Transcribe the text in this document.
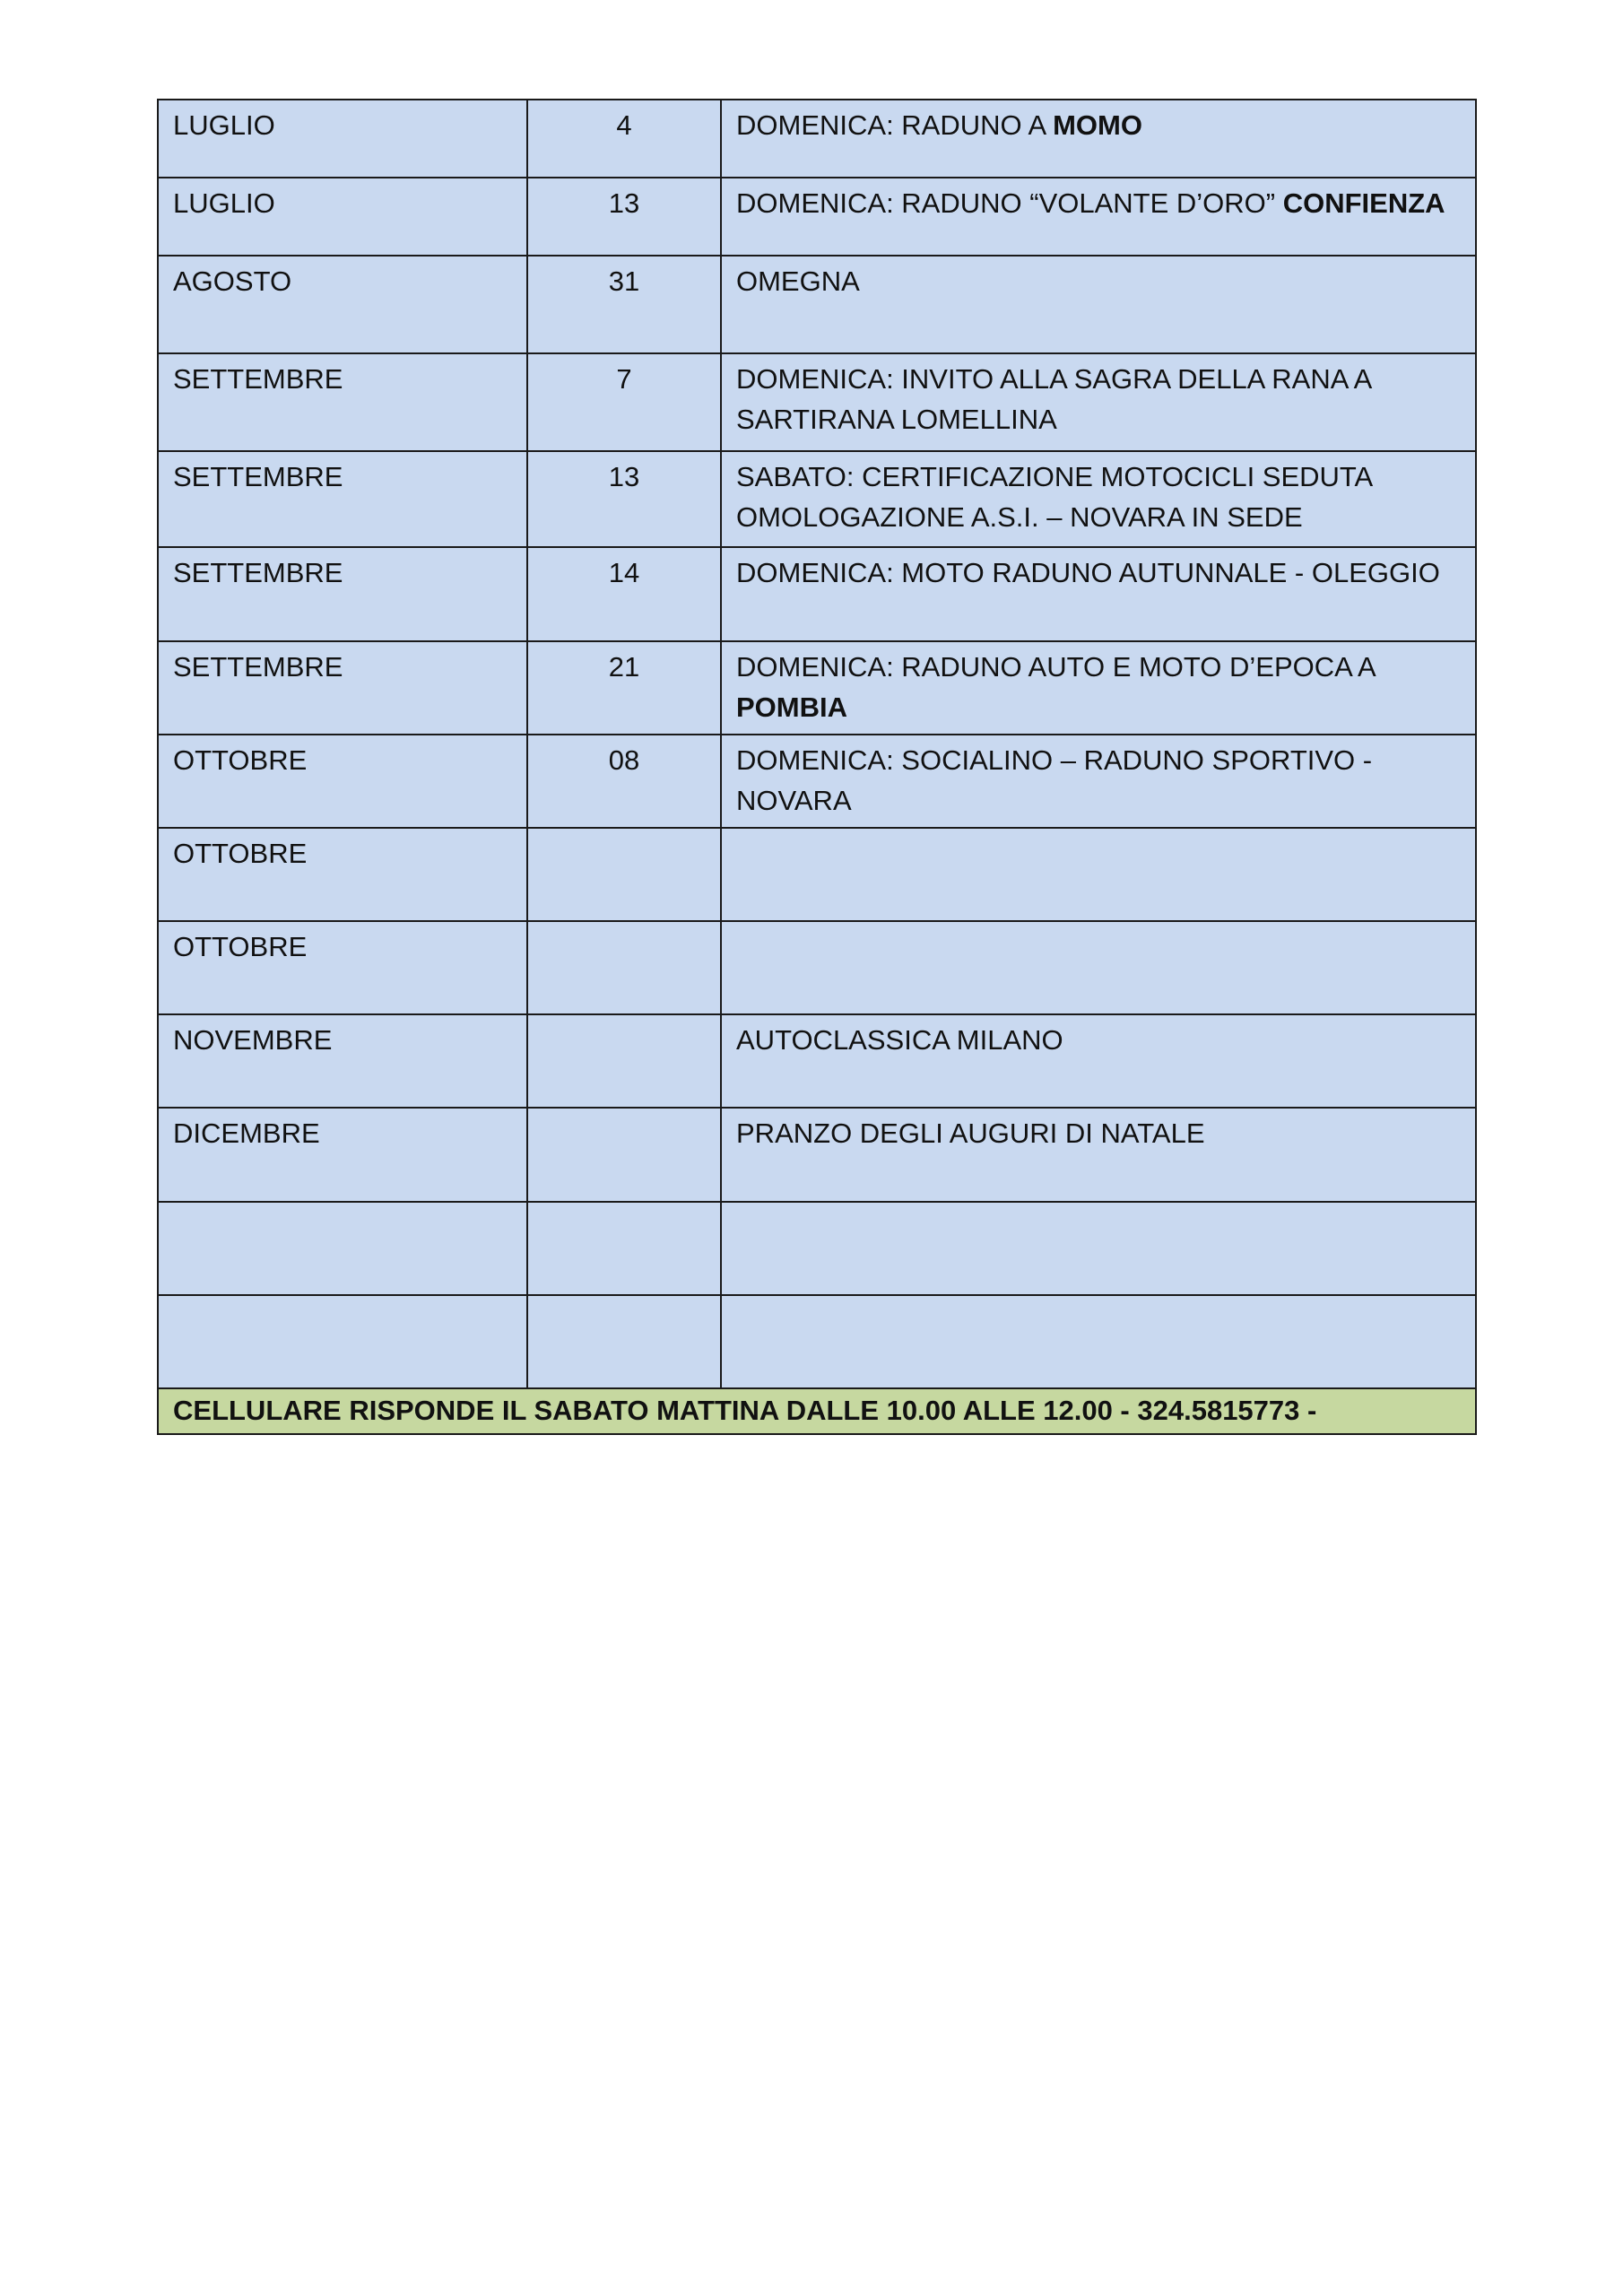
LUGLIO	4	DOMENICA: RADUNO A MOMO
LUGLIO	13	DOMENICA: RADUNO “VOLANTE D’ORO” CONFIENZA
AGOSTO	31	OMEGNA
SETTEMBRE	7	DOMENICA: INVITO ALLA SAGRA DELLA RANA A
SARTIRANA LOMELLINA
SETTEMBRE	13	SABATO: CERTIFICAZIONE MOTOCICLI SEDUTA
OMOLOGAZIONE A.S.I. – NOVARA IN SEDE
SETTEMBRE	14	DOMENICA: MOTO RADUNO AUTUNNALE - OLEGGIO
SETTEMBRE	21	DOMENICA: RADUNO AUTO E MOTO D’EPOCA A
POMBIA
OTTOBRE	08	DOMENICA: SOCIALINO – RADUNO SPORTIVO -
NOVARA
OTTOBRE		
OTTOBRE		
NOVEMBRE		AUTOCLASSICA MILANO
DICEMBRE		PRANZO DEGLI AUGURI DI NATALE

CELLULARE RISPONDE IL SABATO MATTINA DALLE 10.00 ALLE 12.00 - 324.5815773 -		
